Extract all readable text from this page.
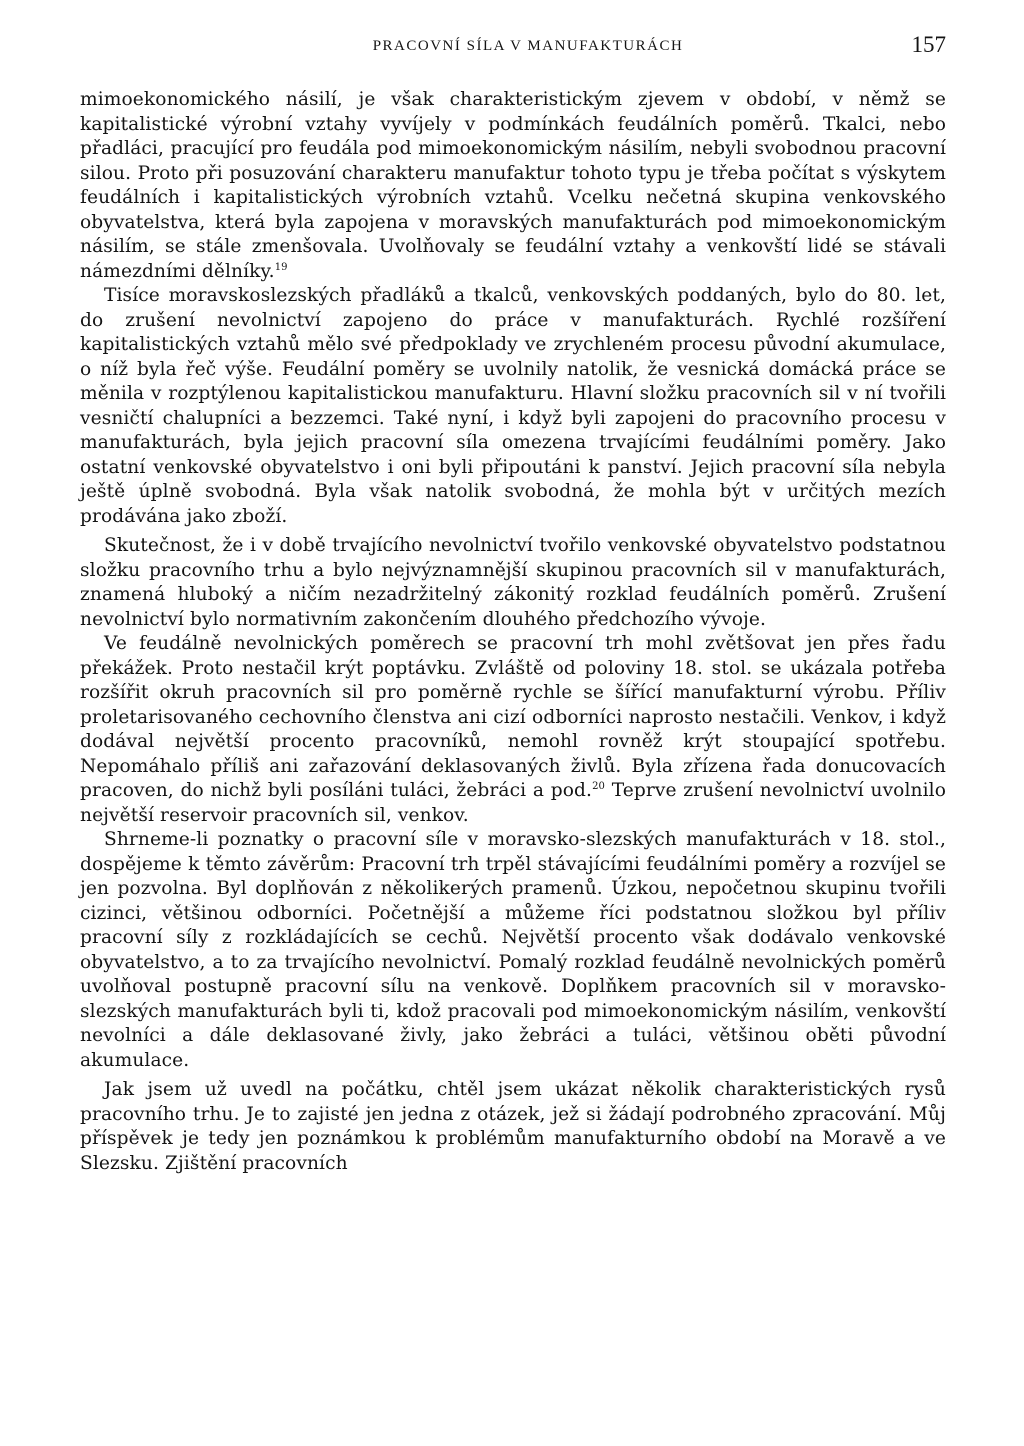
PRACOVNÍ SÍLA V MANUFAKTURÁCH	157

mimoekonomického násilí, je však charakteristickým zjevem v období, v němž se kapitalistické výrobní vztahy vyvíjely v podmínkách feudálních poměrů. Tkalci, nebo přadláci, pracující pro feudála pod mimoekonomickým násilím, nebyli svobodnou pracovní silou. Proto při posuzování charakteru manufaktur tohoto typu je třeba počítat s výskytem feudálních i kapitalistických výrobních vztahů. Vcelku nečetná skupina venkovského obyvatelstva, která byla zapojena v moravských manufakturách pod mimoekonomickým násilím, se stále zmenšovala. Uvolňovaly se feudální vztahy a venkovští lidé se stávali námezdními dělníky.$^{19}$

Tisíce moravskoslezských přadláků a tkalců, venkovských poddaných, bylo do 80. let, do zrušení nevolnictví zapojeno do práce v manufakturách. Rychlé rozšíření kapitalistických vztahů mělo své předpoklady ve zrychleném procesu původní akumulace, o níž byla řeč výše. Feudální poměry se uvolnily natolik, že vesnická domácká práce se měnila v rozptýlenou kapitalistickou manufakturu. Hlavní složku pracovních sil v ní tvořili vesničtí chalupníci a bezzemci. Také nyní, i když byli zapojeni do pracovního procesu v manufakturách, byla jejich pracovní síla omezena trvajícími feudálními poměry. Jako ostatní venkovské obyvatelstvo i oni byli připoutáni k panství. Jejich pracovní síla nebyla ještě úplně svobodná. Byla však natolik svobodná, že mohla být v určitých mezích prodávána jako zboží.

Skutečnost, že i v době trvajícího nevolnictví tvořilo venkovské obyvatelstvo podstatnou složku pracovního trhu a bylo nejvýznamnější skupinou pracovních sil v manufakturách, znamená hluboký a ničím nezadržitelný zákonitý rozklad feudálních poměrů. Zrušení nevolnictví bylo normativním zakončením dlouhého předchozího vývoje.

Ve feudálně nevolnických poměrech se pracovní trh mohl zvětšovat jen přes řadu překážek. Proto nestačil krýt poptávku. Zvláště od poloviny 18. stol. se ukázala potřeba rozšířit okruh pracovních sil pro poměrně rychle se šířící manufakturní výrobu. Příliv proletarisovaného cechovního členstva ani cizí odborníci naprosto nestačili. Venkov, i když dodával největší procento pracovníků, nemohl rovněž krýt stoupající spotřebu. Nepomáhalo příliš ani zařazování deklasovaných živlů. Byla zřízena řada donucovacích pracoven, do nichž byli posíláni tuláci, žebráci a pod.$^{20}$ Teprve zrušení nevolnictví uvolnilo největší reservoir pracovních sil, venkov.

Shrneme-li poznatky o pracovní síle v moravsko-slezských manufakturách v 18. stol., dospějeme k těmto závěrům: Pracovní trh trpěl stávajícími feudálními poměry a rozvíjel se jen pozvolna. Byl doplňován z několikerých pramenů. Úzkou, nepočetnou skupinu tvořili cizinci, většinou odborníci. Početnější a můžeme říci podstatnou složkou byl příliv pracovní síly z rozkládajících se cechů. Největší procento však dodávalo venkovské obyvatelstvo, a to za trvajícího nevolnictví. Pomalý rozklad feudálně nevolnických poměrů uvolňoval postupně pracovní sílu na venkově. Doplňkem pracovních sil v moravsko-slezských manufakturách byli ti, kdož pracovali pod mimoekonomickým násilím, venkovští nevolníci a dále deklasované živly, jako žebráci a tuláci, většinou oběti původní akumulace.

Jak jsem už uvedl na počátku, chtěl jsem ukázat několik charakteristických rysů pracovního trhu. Je to zajisté jen jedna z otázek, jež si žádají podrobného zpracování. Můj příspěvek je tedy jen poznámkou k problémům manufakturního období na Moravě a ve Slezsku. Zjištění pracovních
